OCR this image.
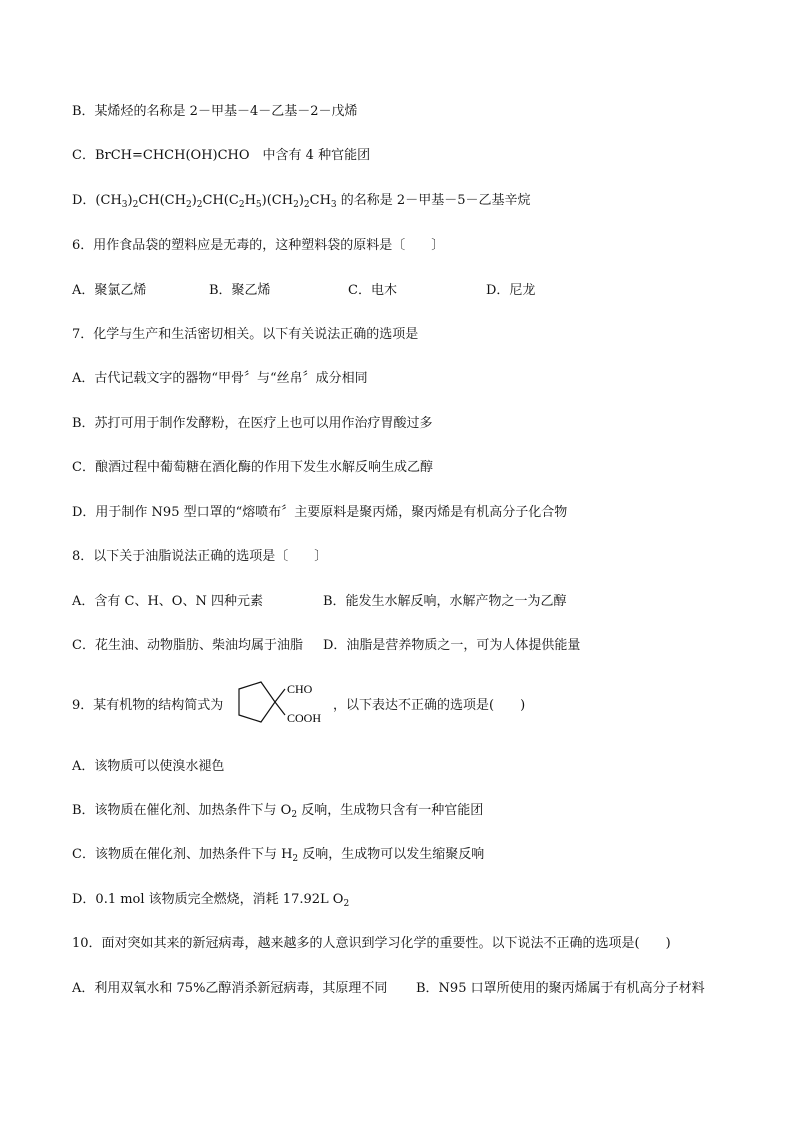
B．某烯烃的名称是 2－甲基－4－乙基－2－戊烯
C．BrCH=CHCH(OH)CHO　中含有 4 种官能团
D．$(CH_3)_2CH(CH_2)_2CH(C_2H_5)(CH_2)_2CH_3$ 的名称是 2－甲基－5－乙基辛烷
6．用作食品袋的塑料应是无毒的，这种塑料袋的原料是〔　　〕
A．聚氯乙烯	B．聚乙烯	C．电木	D．尼龙
7．化学与生产和生活密切相关。以下有关说法正确的选项是
A．古代记载文字的器物“甲骨〞与“丝帛〞成分相同
B．苏打可用于制作发酵粉，在医疗上也可以用作治疗胃酸过多
C．酿酒过程中葡萄糖在酒化酶的作用下发生水解反响生成乙醇
D．用于制作 N95 型口罩的“熔喷布〞主要原料是聚丙烯，聚丙烯是有机高分子化合物
8．以下关于油脂说法正确的选项是〔　　〕
A．含有 C、H、O、N 四种元素	B．能发生水解反响，水解产物之一为乙醇
C．花生油、动物脂肪、柴油均属于油脂 D．油脂是营养物质之一，可为人体提供能量
9．某有机物的结构简式为
CHO
COOH
，以下表达不正确的选项是(　　)
A．该物质可以使溴水褪色
B．该物质在催化剂、加热条件下与 $O_2$ 反响，生成物只含有一种官能团
C．该物质在催化剂、加热条件下与 $H_2$ 反响，生成物可以发生缩聚反响
D．0.1 mol 该物质完全燃烧，消耗 17.92L $O_2$
10．面对突如其来的新冠病毒，越来越多的人意识到学习化学的重要性。以下说法不正确的选项是(　　)
A．利用双氧水和 75%乙醇消杀新冠病毒，其原理不同 B．N95 口罩所使用的聚丙烯属于有机高分子材料
